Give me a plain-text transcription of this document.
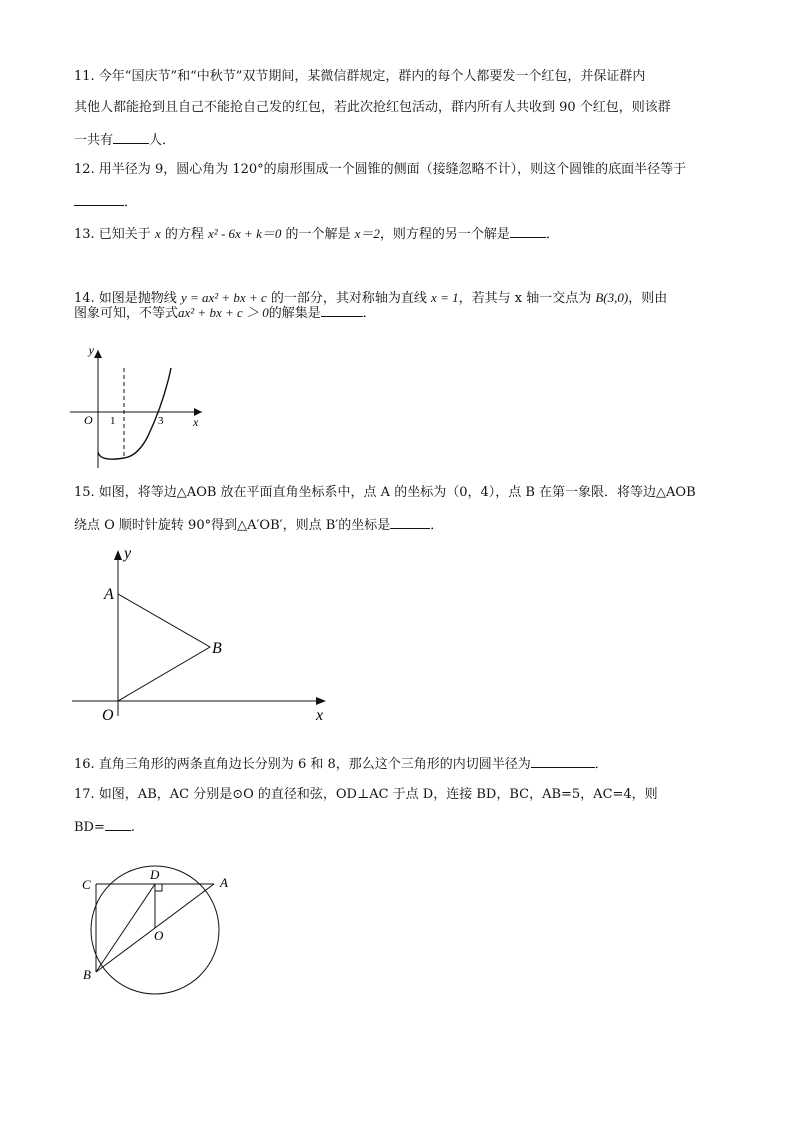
11. 今年“国庆节”和“中秋节”双节期间，某微信群规定，群内的每个人都要发一个红包，并保证群内
其他人都能抢到且自己不能抢自己发的红包，若此次抢红包活动，群内所有人共收到 90 个红包，则该群
一共有	人．
12. 用半径为 9，圆心角为 120°的扇形围成一个圆锥的侧面（接缝忽略不计），则这个圆锥的底面半径等于
．
13. 已知关于 x 的方程 x² - 6x + k＝0 的一个解是 x＝2，则方程的另一个解是	．
14. 如图是抛物线 y = ax² + bx + c 的一部分，其对称轴为直线 x = 1，若其与 x 轴一交点为 B(3,0)，则由
图象可知，不等式ax² + bx + c ＞ 0的解集是	．
y
x
O 1	3
15. 如图，将等边△AOB 放在平面直角坐标系中，点 A 的坐标为（0，4），点 B 在第一象限．将等边△AOB
绕点 O 顺时针旋转 90°得到△A′OB′，则点 B′的坐标是	．
y
x
O
A
B
16. 直角三角形的两条直角边长分别为 6 和 8，那么这个三角形的内切圆半径为	．
17. 如图，AB，AC 分别是⊙O 的直径和弦，OD⊥AC 于点 D，连接 BD，BC，AB=5，AC=4，则
BD= .
C
D
A
O
B
